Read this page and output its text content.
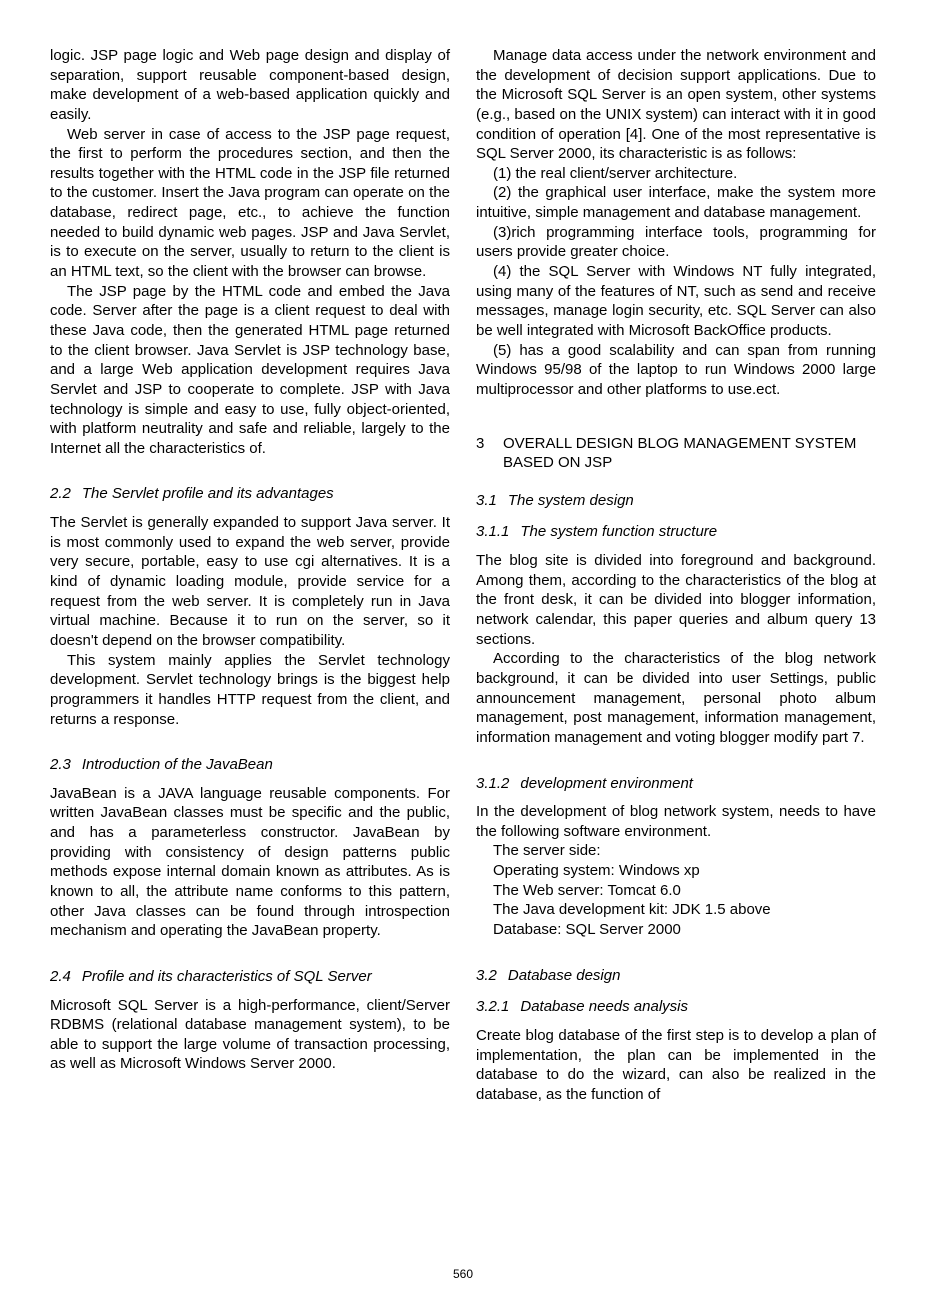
logic. JSP page logic and Web page design and display of separation, support reusable component-based design, make development of a web-based application quickly and easily.

Web server in case of access to the JSP page request, the first to perform the procedures section, and then the results together with the HTML code in the JSP file returned to the customer. Insert the Java program can operate on the database, redirect page, etc., to achieve the function needed to build dynamic web pages. JSP and Java Servlet, is to execute on the server, usually to return to the client is an HTML text, so the client with the browser can browse.

The JSP page by the HTML code and embed the Java code. Server after the page is a client request to deal with these Java code, then the generated HTML page returned to the client browser. Java Servlet is JSP technology base, and a large Web application development requires Java Servlet and JSP to cooperate to complete. JSP with Java technology is simple and easy to use, fully object-oriented, with platform neutrality and safe and reliable, largely to the Internet all the characteristics of.

2.2 The Servlet profile and its advantages

The Servlet is generally expanded to support Java server. It is most commonly used to expand the web server, provide very secure, portable, easy to use cgi alternatives. It is a kind of dynamic loading module, provide service for a request from the web server. It is completely run in Java virtual machine. Because it to run on the server, so it doesn't depend on the browser compatibility.

This system mainly applies the Servlet technology development. Servlet technology brings is the biggest help programmers it handles HTTP request from the client, and returns a response.

2.3 Introduction of the JavaBean

JavaBean is a JAVA language reusable components. For written JavaBean classes must be specific and the public, and has a parameterless constructor. JavaBean by providing with consistency of design patterns public methods expose internal domain known as attributes. As is known to all, the attribute name conforms to this pattern, other Java classes can be found through introspection mechanism and operating the JavaBean property.

2.4 Profile and its characteristics of SQL Server

Microsoft SQL Server is a high-performance, client/Server RDBMS (relational database management system), to be able to support the large volume of transaction processing, as well as Microsoft Windows Server 2000.

Manage data access under the network environment and the development of decision support applications. Due to the Microsoft SQL Server is an open system, other systems (e.g., based on the UNIX system) can interact with it in good condition of operation [4]. One of the most representative is SQL Server 2000, its characteristic is as follows:

(1) the real client/server architecture.

(2) the graphical user interface, make the system more intuitive, simple management and database management.

(3)rich programming interface tools, programming for users provide greater choice.

(4) the SQL Server with Windows NT fully integrated, using many of the features of NT, such as send and receive messages, manage login security, etc. SQL Server can also be well integrated with Microsoft BackOffice products.

(5) has a good scalability and can span from running Windows 95/98 of the laptop to run Windows 2000 large multiprocessor and other platforms to use.ect.

3 OVERALL DESIGN BLOG MANAGEMENT SYSTEM BASED ON JSP
3.1 The system design
3.1.1 The system function structure

The blog site is divided into foreground and background. Among them, according to the characteristics of the blog at the front desk, it can be divided into blogger information, network calendar, this paper queries and album query 13 sections.

According to the characteristics of the blog network background, it can be divided into user Settings, public announcement management, personal photo album management, post management, information management, information management and voting blogger modify part 7.

3.1.2 development environment

In the development of blog network system, needs to have the following software environment.

The server side:

Operating system: Windows xp

The Web server: Tomcat 6.0

The Java development kit: JDK 1.5 above

Database: SQL Server 2000

3.2 Database design
3.2.1 Database needs analysis

Create blog database of the first step is to develop a plan of implementation, the plan can be implemented in the database to do the wizard, can also be realized in the database, as the function of

560
